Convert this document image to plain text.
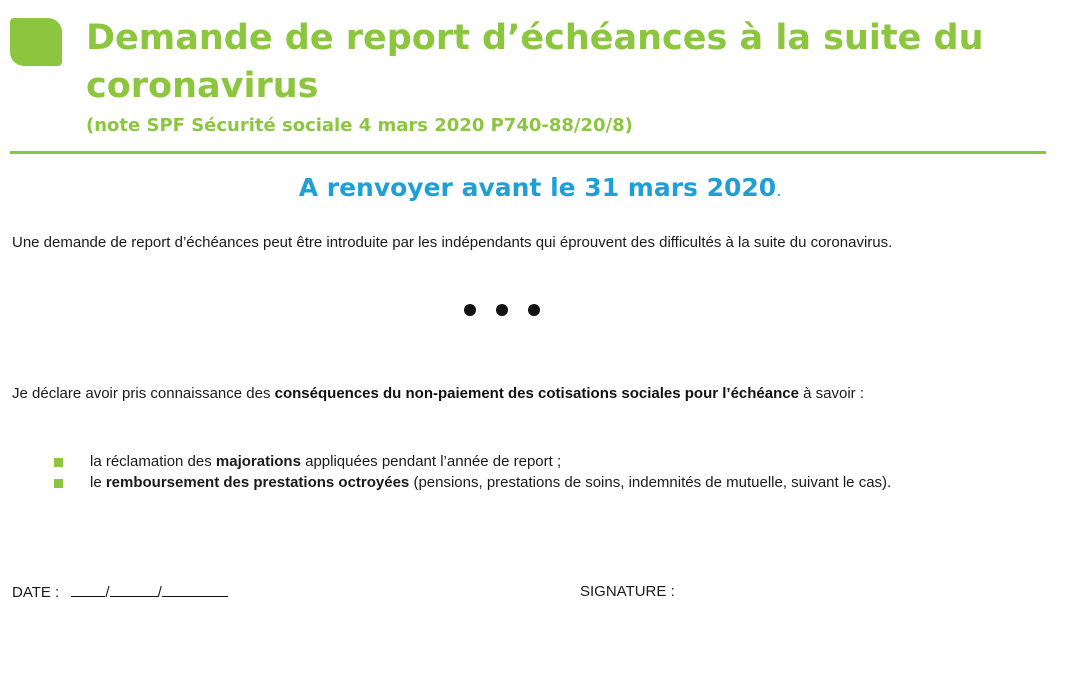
Demande de report d’échéances à la suite du coronavirus
(note SPF Sécurité sociale 4 mars 2020 P740-88/20/8)
A renvoyer avant le 31 mars 2020.
Une demande de report d’échéances peut être introduite par les indépendants qui éprouvent des difficultés à la suite du coronavirus.
Je déclare avoir pris connaissance des conséquences du non-paiement des cotisations sociales pour l’échéance à savoir :
la réclamation des majorations appliquées pendant l’année de report ;
le remboursement des prestations octroyées (pensions, prestations de soins, indemnités de mutuelle, suivant le cas).
DATE :	/	/	SIGNATURE :
